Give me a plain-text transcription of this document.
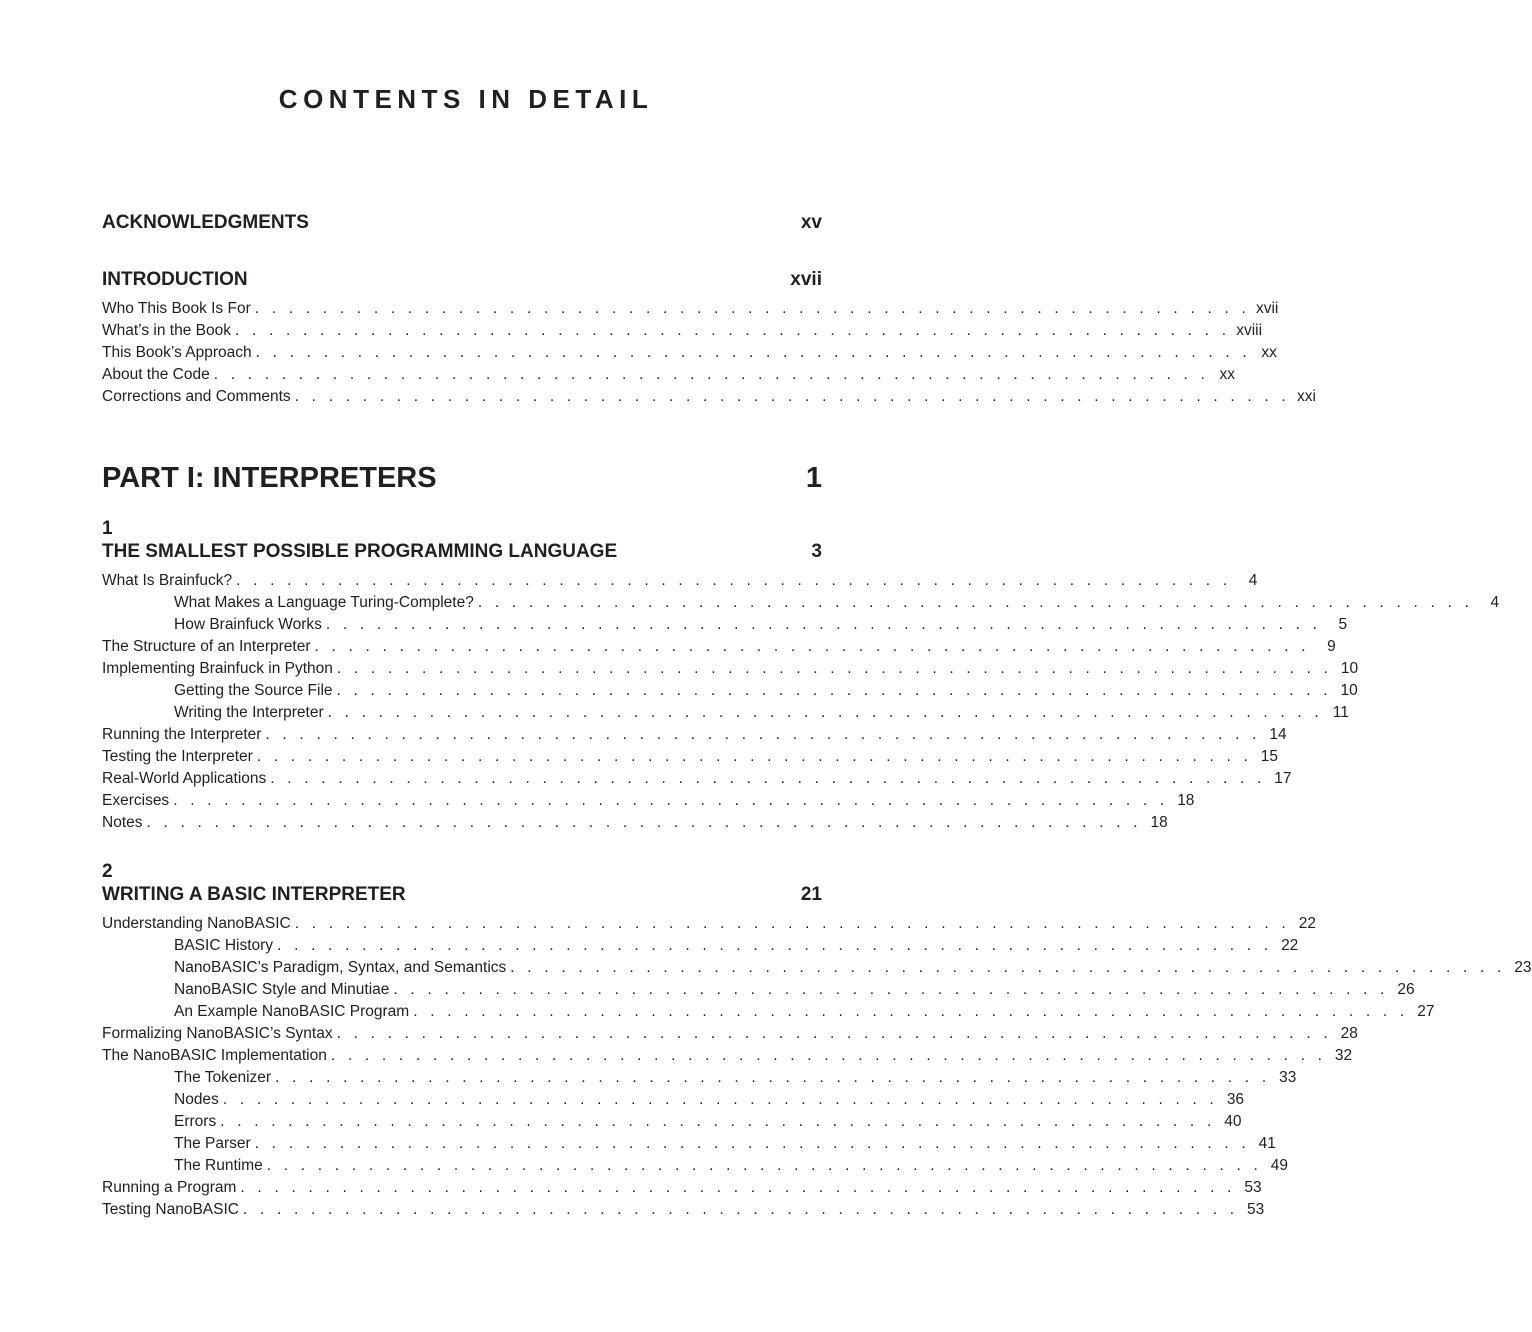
CONTENTS IN DETAIL
ACKNOWLEDGMENTS	xv
INTRODUCTION	xvii
Who This Book Is For . . . . . . . . . . . . . . . . . . . . . . . . . . . . . . . . . . . . . . . . . . . . . . . . . . . . . . . . . . . xvii
What’s in the Book . . . . . . . . . . . . . . . . . . . . . . . . . . . . . . . . . . . . . . . . . . . . . . . . . . . . . . . . . . . xviii
This Book’s Approach . . . . . . . . . . . . . . . . . . . . . . . . . . . . . . . . . . . . . . . . . . . . . . . . . . . . . . . . . . . xx
About the Code . . . . . . . . . . . . . . . . . . . . . . . . . . . . . . . . . . . . . . . . . . . . . . . . . . . . . . . . . . . xx
Corrections and Comments . . . . . . . . . . . . . . . . . . . . . . . . . . . . . . . . . . . . . . . . . . . . . . . . . . . . . . . . . . . xxi
PART I: INTERPRETERS	1
1
THE SMALLEST POSSIBLE PROGRAMMING LANGUAGE	3
What Is Brainfuck? . . . . . . . . . . . . . . . . . . . . . . . . . . . . . . . . . . . . . . . . . . . . . . . . . . . . . . . . . . .	4
What Makes a Language Turing-Complete? . . . . . . . . . . . . . . . . . . . . . . . . . . . . . . . . . . . . . . . . . . . . . . . . . . . . . . . . . . .	4
How Brainfuck Works . . . . . . . . . . . . . . . . . . . . . . . . . . . . . . . . . . . . . . . . . . . . . . . . . . . . . . . . . . .	5
The Structure of an Interpreter . . . . . . . . . . . . . . . . . . . . . . . . . . . . . . . . . . . . . . . . . . . . . . . . . . . . . . . . . . .	9
Implementing Brainfuck in Python . . . . . . . . . . . . . . . . . . . . . . . . . . . . . . . . . . . . . . . . . . . . . . . . . . . . . . . . . . . 10
Getting the Source File . . . . . . . . . . . . . . . . . . . . . . . . . . . . . . . . . . . . . . . . . . . . . . . . . . . . . . . . . . . 10
Writing the Interpreter . . . . . . . . . . . . . . . . . . . . . . . . . . . . . . . . . . . . . . . . . . . . . . . . . . . . . . . . . . . 11
Running the Interpreter . . . . . . . . . . . . . . . . . . . . . . . . . . . . . . . . . . . . . . . . . . . . . . . . . . . . . . . . . . . 14
Testing the Interpreter . . . . . . . . . . . . . . . . . . . . . . . . . . . . . . . . . . . . . . . . . . . . . . . . . . . . . . . . . . . 15
Real-World Applications . . . . . . . . . . . . . . . . . . . . . . . . . . . . . . . . . . . . . . . . . . . . . . . . . . . . . . . . . . . 17
Exercises . . . . . . . . . . . . . . . . . . . . . . . . . . . . . . . . . . . . . . . . . . . . . . . . . . . . . . . . . . . 18
Notes . . . . . . . . . . . . . . . . . . . . . . . . . . . . . . . . . . . . . . . . . . . . . . . . . . . . . . . . . . . 18
2
WRITING A BASIC INTERPRETER	21
Understanding NanoBASIC . . . . . . . . . . . . . . . . . . . . . . . . . . . . . . . . . . . . . . . . . . . . . . . . . . . . . . . . . . . 22
BASIC History . . . . . . . . . . . . . . . . . . . . . . . . . . . . . . . . . . . . . . . . . . . . . . . . . . . . . . . . . . . 22
NanoBASIC’s Paradigm, Syntax, and Semantics . . . . . . . . . . . . . . . . . . . . . . . . . . . . . . . . . . . . . . . . . . . . . . . . . . . . . . . . . . . 23
NanoBASIC Style and Minutiae . . . . . . . . . . . . . . . . . . . . . . . . . . . . . . . . . . . . . . . . . . . . . . . . . . . . . . . . . . . 26
An Example NanoBASIC Program . . . . . . . . . . . . . . . . . . . . . . . . . . . . . . . . . . . . . . . . . . . . . . . . . . . . . . . . . . . 27
Formalizing NanoBASIC’s Syntax . . . . . . . . . . . . . . . . . . . . . . . . . . . . . . . . . . . . . . . . . . . . . . . . . . . . . . . . . . . 28
The NanoBASIC Implementation . . . . . . . . . . . . . . . . . . . . . . . . . . . . . . . . . . . . . . . . . . . . . . . . . . . . . . . . . . . 32
The Tokenizer . . . . . . . . . . . . . . . . . . . . . . . . . . . . . . . . . . . . . . . . . . . . . . . . . . . . . . . . . . . 33
Nodes . . . . . . . . . . . . . . . . . . . . . . . . . . . . . . . . . . . . . . . . . . . . . . . . . . . . . . . . . . . 36
Errors . . . . . . . . . . . . . . . . . . . . . . . . . . . . . . . . . . . . . . . . . . . . . . . . . . . . . . . . . . . 40
The Parser . . . . . . . . . . . . . . . . . . . . . . . . . . . . . . . . . . . . . . . . . . . . . . . . . . . . . . . . . . . 41
The Runtime . . . . . . . . . . . . . . . . . . . . . . . . . . . . . . . . . . . . . . . . . . . . . . . . . . . . . . . . . . . 49
Running a Program . . . . . . . . . . . . . . . . . . . . . . . . . . . . . . . . . . . . . . . . . . . . . . . . . . . . . . . . . . . 53
Testing NanoBASIC . . . . . . . . . . . . . . . . . . . . . . . . . . . . . . . . . . . . . . . . . . . . . . . . . . . . . . . . . . . 53
